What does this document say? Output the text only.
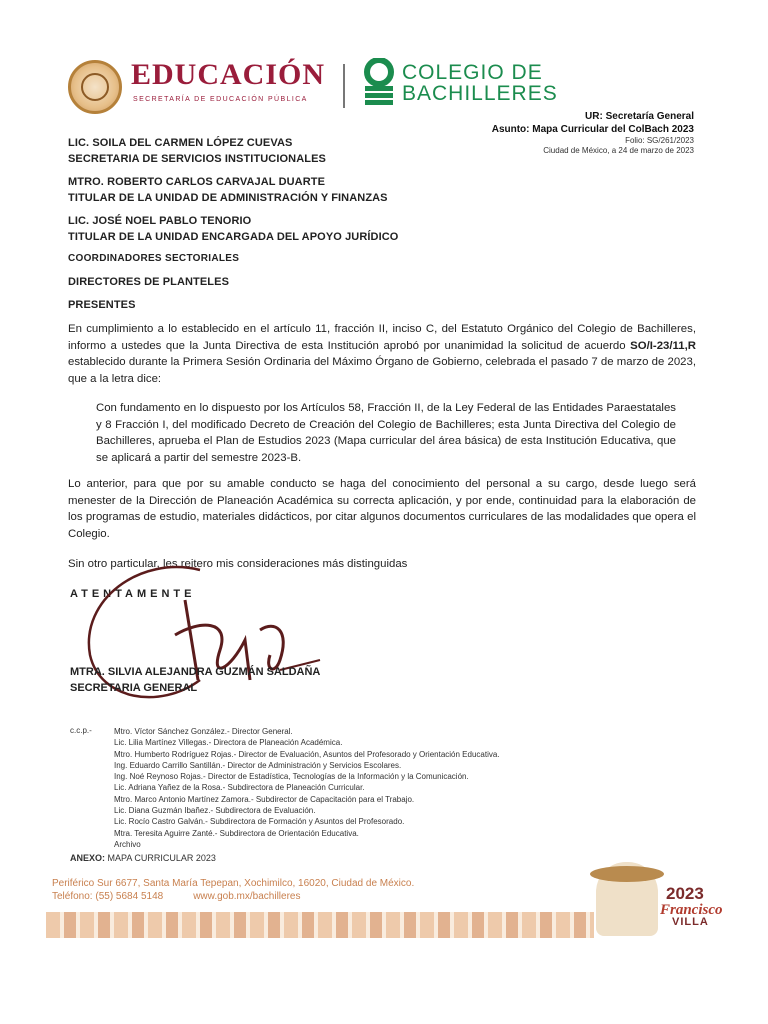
EDUCACIÓN
SECRETARÍA DE EDUCACIÓN PÚBLICA
COLEGIO DE
BACHILLERES
UR: Secretaría General
Asunto: Mapa Curricular del ColBach 2023
Folio: SG/261/2023
Ciudad de México, a 24 de marzo de 2023
LIC. SOILA DEL CARMEN LÓPEZ CUEVAS
SECRETARIA DE SERVICIOS INSTITUCIONALES
MTRO. ROBERTO CARLOS CARVAJAL DUARTE
TITULAR DE LA UNIDAD DE ADMINISTRACIÓN Y FINANZAS
LIC. JOSÉ NOEL PABLO TENORIO
TITULAR DE LA UNIDAD ENCARGADA DEL APOYO JURÍDICO
COORDINADORES SECTORIALES
DIRECTORES DE PLANTELES
PRESENTES
En cumplimiento a lo establecido en el artículo 11, fracción II, inciso C, del Estatuto Orgánico del Colegio de Bachilleres, informo a ustedes que la Junta Directiva de esta Institución aprobó por unanimidad la solicitud de acuerdo SO/I-23/11,R establecido durante la Primera Sesión Ordinaria del Máximo Órgano de Gobierno, celebrada el pasado 7 de marzo de 2023, que a la letra dice:
Con fundamento en lo dispuesto por los Artículos 58, Fracción II, de la Ley Federal de las Entidades Paraestatales y 8 Fracción I, del modificado Decreto de Creación del Colegio de Bachilleres; esta Junta Directiva del Colegio de Bachilleres, aprueba el Plan de Estudios 2023 (Mapa curricular del área básica) de esta Institución Educativa, que se aplicará a partir del semestre 2023-B.
Lo anterior, para que por su amable conducto se haga del conocimiento del personal a su cargo, desde luego será menester de la Dirección de Planeación Académica su correcta aplicación, y por ende, continuidad para la elaboración de los programas de estudio, materiales didácticos, por citar algunos documentos curriculares de las modalidades que opera el Colegio.
Sin otro particular, les reitero mis consideraciones más distinguidas
ATENTAMENTE
MTRA. SILVIA ALEJANDRA GUZMÁN SALDAÑA
SECRETARIA GENERAL
c.c.p.-	Mtro. Víctor Sánchez González.- Director General.
Lic. Lilia Martínez Villegas.- Directora de Planeación Académica.
Mtro. Humberto Rodríguez Rojas.- Director de Evaluación, Asuntos del Profesorado y Orientación Educativa.
Ing. Eduardo Carrillo Santillán.- Director de Administración y Servicios Escolares.
Ing. Noé Reynoso Rojas.- Director de Estadística, Tecnologías de la Información y la Comunicación.
Lic. Adriana Yañez de la Rosa.- Subdirectora de Planeación Curricular.
Mtro. Marco Antonio Martínez Zamora.- Subdirector de Capacitación para el Trabajo.
Lic. Diana Guzmán Ibañez.- Subdirectora de Evaluación.
Lic. Rocío Castro Galván.- Subdirectora de Formación y Asuntos del Profesorado.
Mtra. Teresita Aguirre Zanté.- Subdirectora de Orientación Educativa.
Archivo
ANEXO: MAPA CURRICULAR 2023
Periférico Sur 6677, Santa María Tepepan, Xochimilco, 16020, Ciudad de México.
Teléfono: (55) 5684 5148	www.gob.mx/bachilleres	2023
Francisco
VILLA
